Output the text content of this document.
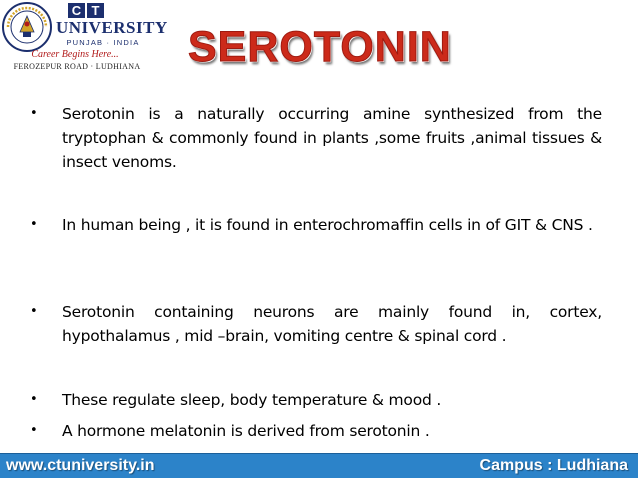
C T
UNIVERSITY
PUNJAB · INDIA
Career Begins Here...
FEROZEPUR ROAD · LUDHIANA SEROTONIN
•	Serotonin is a naturally occurring amine synthesized from the tryptophan & commonly found in plants ,some fruits ,animal tissues & insect venoms.
•	In human being , it is found in enterochromaffin cells in of GIT & CNS .
•	Serotonin containing neurons are mainly found in, cortex, hypothalamus , mid –brain, vomiting centre & spinal cord .
•	These regulate sleep, body temperature & mood .
•	A hormone melatonin is derived from serotonin .
www.ctuniversity.in	Campus : Ludhiana
